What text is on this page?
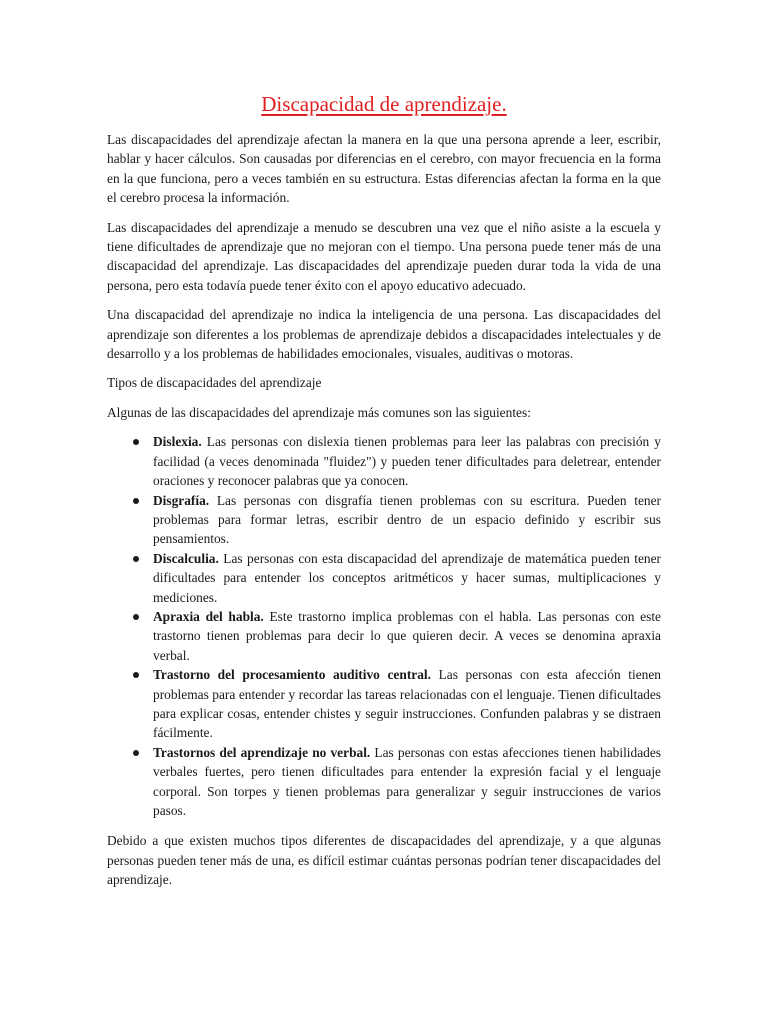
Discapacidad de aprendizaje.

Las discapacidades del aprendizaje afectan la manera en la que una persona aprende a leer, escribir, hablar y hacer cálculos. Son causadas por diferencias en el cerebro, con mayor frecuencia en la forma en la que funciona, pero a veces también en su estructura. Estas diferencias afectan la forma en la que el cerebro procesa la información.

Las discapacidades del aprendizaje a menudo se descubren una vez que el niño asiste a la escuela y tiene dificultades de aprendizaje que no mejoran con el tiempo. Una persona puede tener más de una discapacidad del aprendizaje. Las discapacidades del aprendizaje pueden durar toda la vida de una persona, pero esta todavía puede tener éxito con el apoyo educativo adecuado.

Una discapacidad del aprendizaje no indica la inteligencia de una persona. Las discapacidades del aprendizaje son diferentes a los problemas de aprendizaje debidos a discapacidades intelectuales y de desarrollo y a los problemas de habilidades emocionales, visuales, auditivas o motoras.

Tipos de discapacidades del aprendizaje

Algunas de las discapacidades del aprendizaje más comunes son las siguientes:

Dislexia. Las personas con dislexia tienen problemas para leer las palabras con precisión y facilidad (a veces denominada "fluidez") y pueden tener dificultades para deletrear, entender oraciones y reconocer palabras que ya conocen.
Disgrafía. Las personas con disgrafía tienen problemas con su escritura. Pueden tener problemas para formar letras, escribir dentro de un espacio definido y escribir sus pensamientos.
Discalculia. Las personas con esta discapacidad del aprendizaje de matemática pueden tener dificultades para entender los conceptos aritméticos y hacer sumas, multiplicaciones y mediciones.
Apraxia del habla. Este trastorno implica problemas con el habla. Las personas con este trastorno tienen problemas para decir lo que quieren decir. A veces se denomina apraxia verbal.
Trastorno del procesamiento auditivo central. Las personas con esta afección tienen problemas para entender y recordar las tareas relacionadas con el lenguaje. Tienen dificultades para explicar cosas, entender chistes y seguir instrucciones. Confunden palabras y se distraen fácilmente.
Trastornos del aprendizaje no verbal. Las personas con estas afecciones tienen habilidades verbales fuertes, pero tienen dificultades para entender la expresión facial y el lenguaje corporal. Son torpes y tienen problemas para generalizar y seguir instrucciones de varios pasos.

Debido a que existen muchos tipos diferentes de discapacidades del aprendizaje, y a que algunas personas pueden tener más de una, es difícil estimar cuántas personas podrían tener discapacidades del aprendizaje.
